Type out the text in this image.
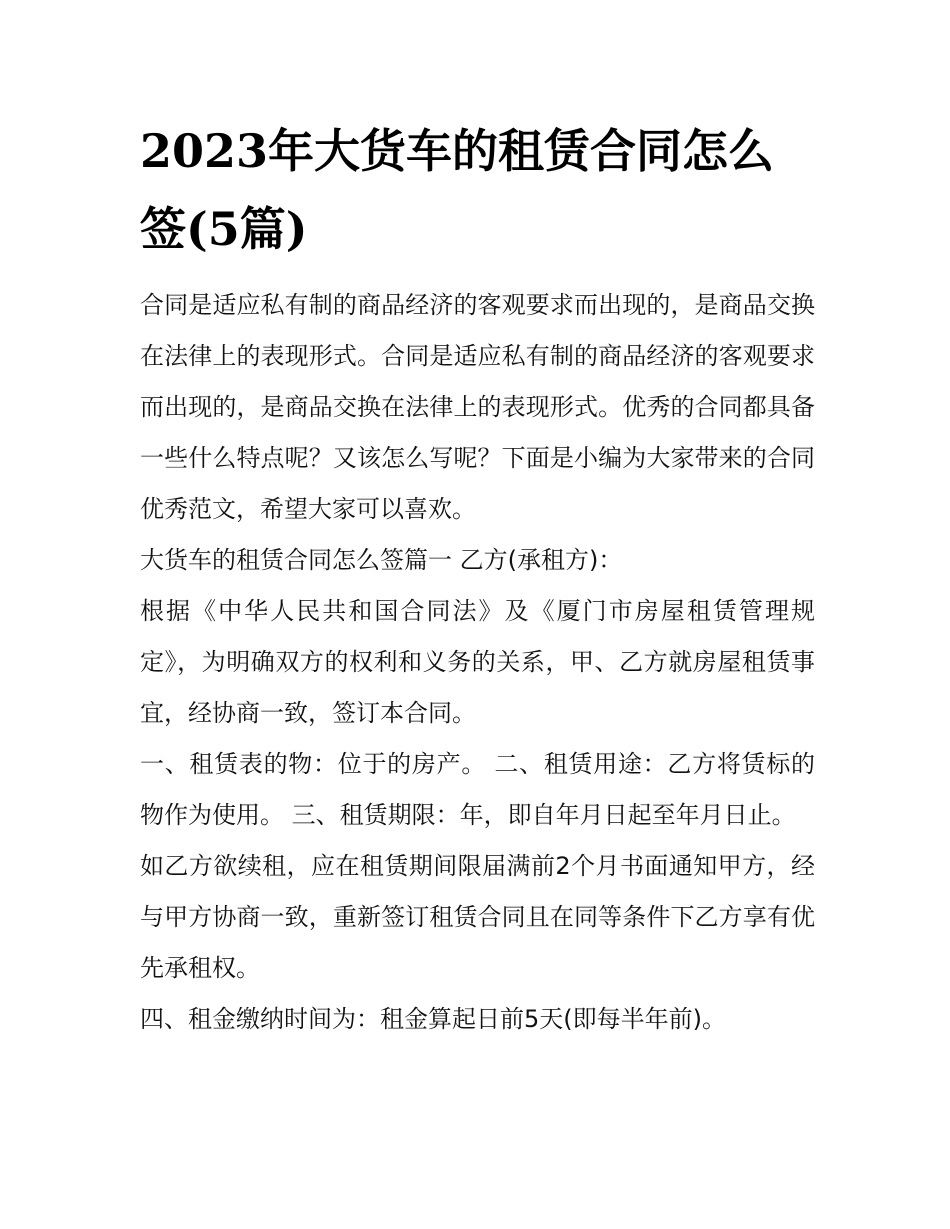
2023年大货车的租赁合同怎么签(5篇)

合同是适应私有制的商品经济的客观要求而出现的，是商品交换在法律上的表现形式。合同是适应私有制的商品经济的客观要求而出现的，是商品交换在法律上的表现形式。优秀的合同都具备一些什么特点呢？又该怎么写呢？下面是小编为大家带来的合同优秀范文，希望大家可以喜欢。

大货车的租赁合同怎么签篇一 乙方(承租方)：

根据《中华人民共和国合同法》及《厦门市房屋租赁管理规定》，为明确双方的权利和义务的关系，甲、乙方就房屋租赁事宜，经协商一致，签订本合同。

一、租赁表的物：位于的房产。 二、租赁用途：乙方将赁标的物作为使用。 三、租赁期限：年，即自年月日起至年月日止。

如乙方欲续租，应在租赁期间限届满前2个月书面通知甲方，经与甲方协商一致，重新签订租赁合同且在同等条件下乙方享有优先承租权。

四、租金缴纳时间为：租金算起日前5天(即每半年前)。
